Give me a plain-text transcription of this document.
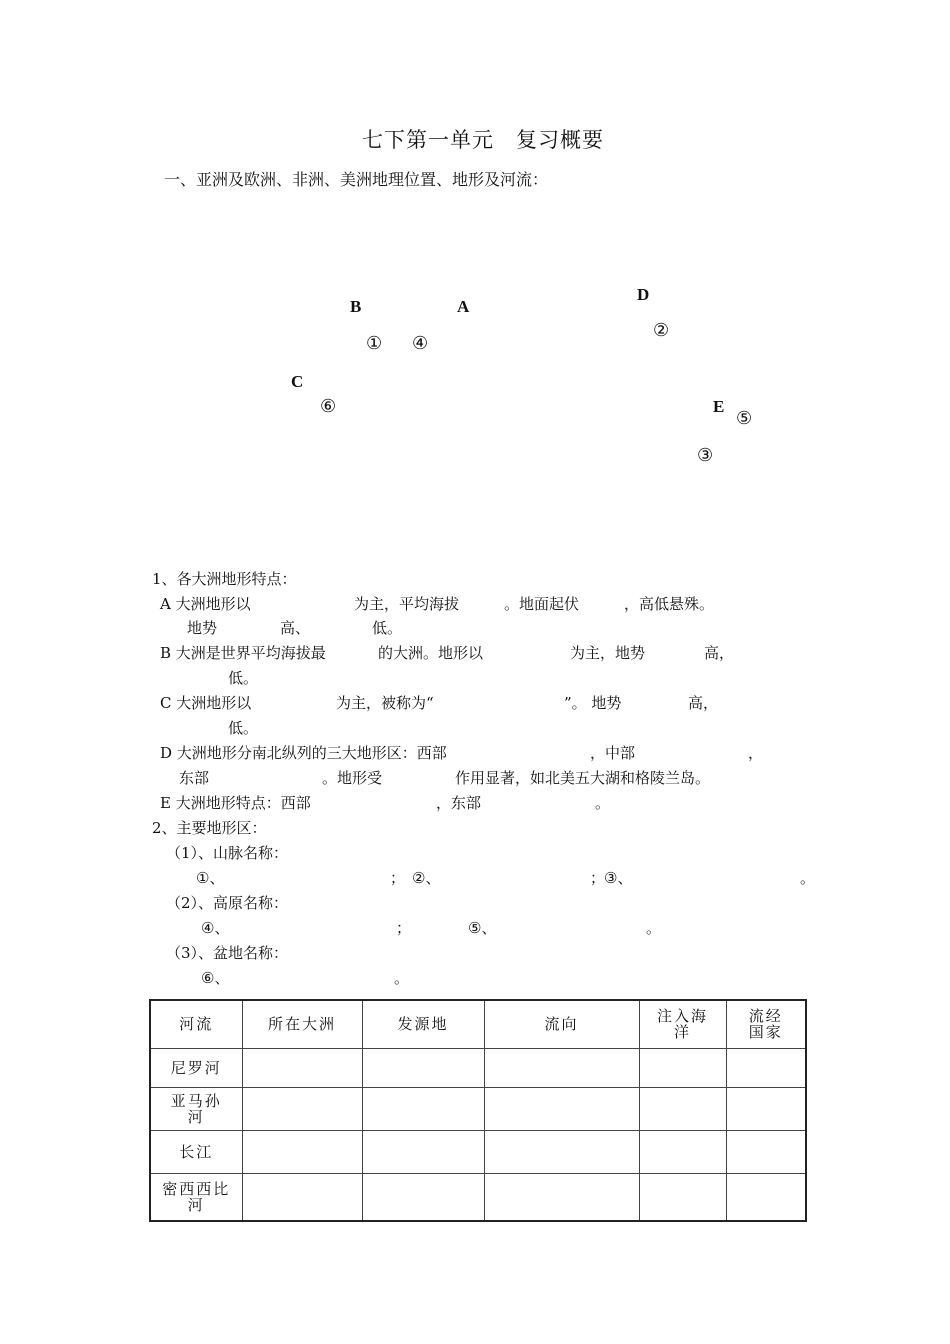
七下第一单元　复习概要
一、亚洲及欧洲、非洲、美洲地理位置、地形及河流：
B	A
D
C
E
① ④
②
⑥
⑤
③
1、各大洲地形特点：
A 大洲地形以	为主，平均海拔	。地面起伏	，高低悬殊。
地势	高、	低。
B 大洲是世界平均海拔最	的大洲。地形以	为主，地势	高，
低。
C 大洲地形以	为主，被称为“	”。 地势	高，
低。
D 大洲地形分南北纵列的三大地形区：西部	，中部	，
东部	。地形受	作用显著，如北美五大湖和格陵兰岛。
E 大洲地形特点：西部	，东部	。
2、主要地形区：
（1）、山脉名称：
①、	； ②、	；
③、	。
（2）、高原名称：
④、	；	⑤、	。
（3）、盆地名称：
⑥、	。
河流	所在大洲	发源地	流向	注入海洋	流经国家
尼罗河					
亚马孙河					
长江					
密西西比河					
